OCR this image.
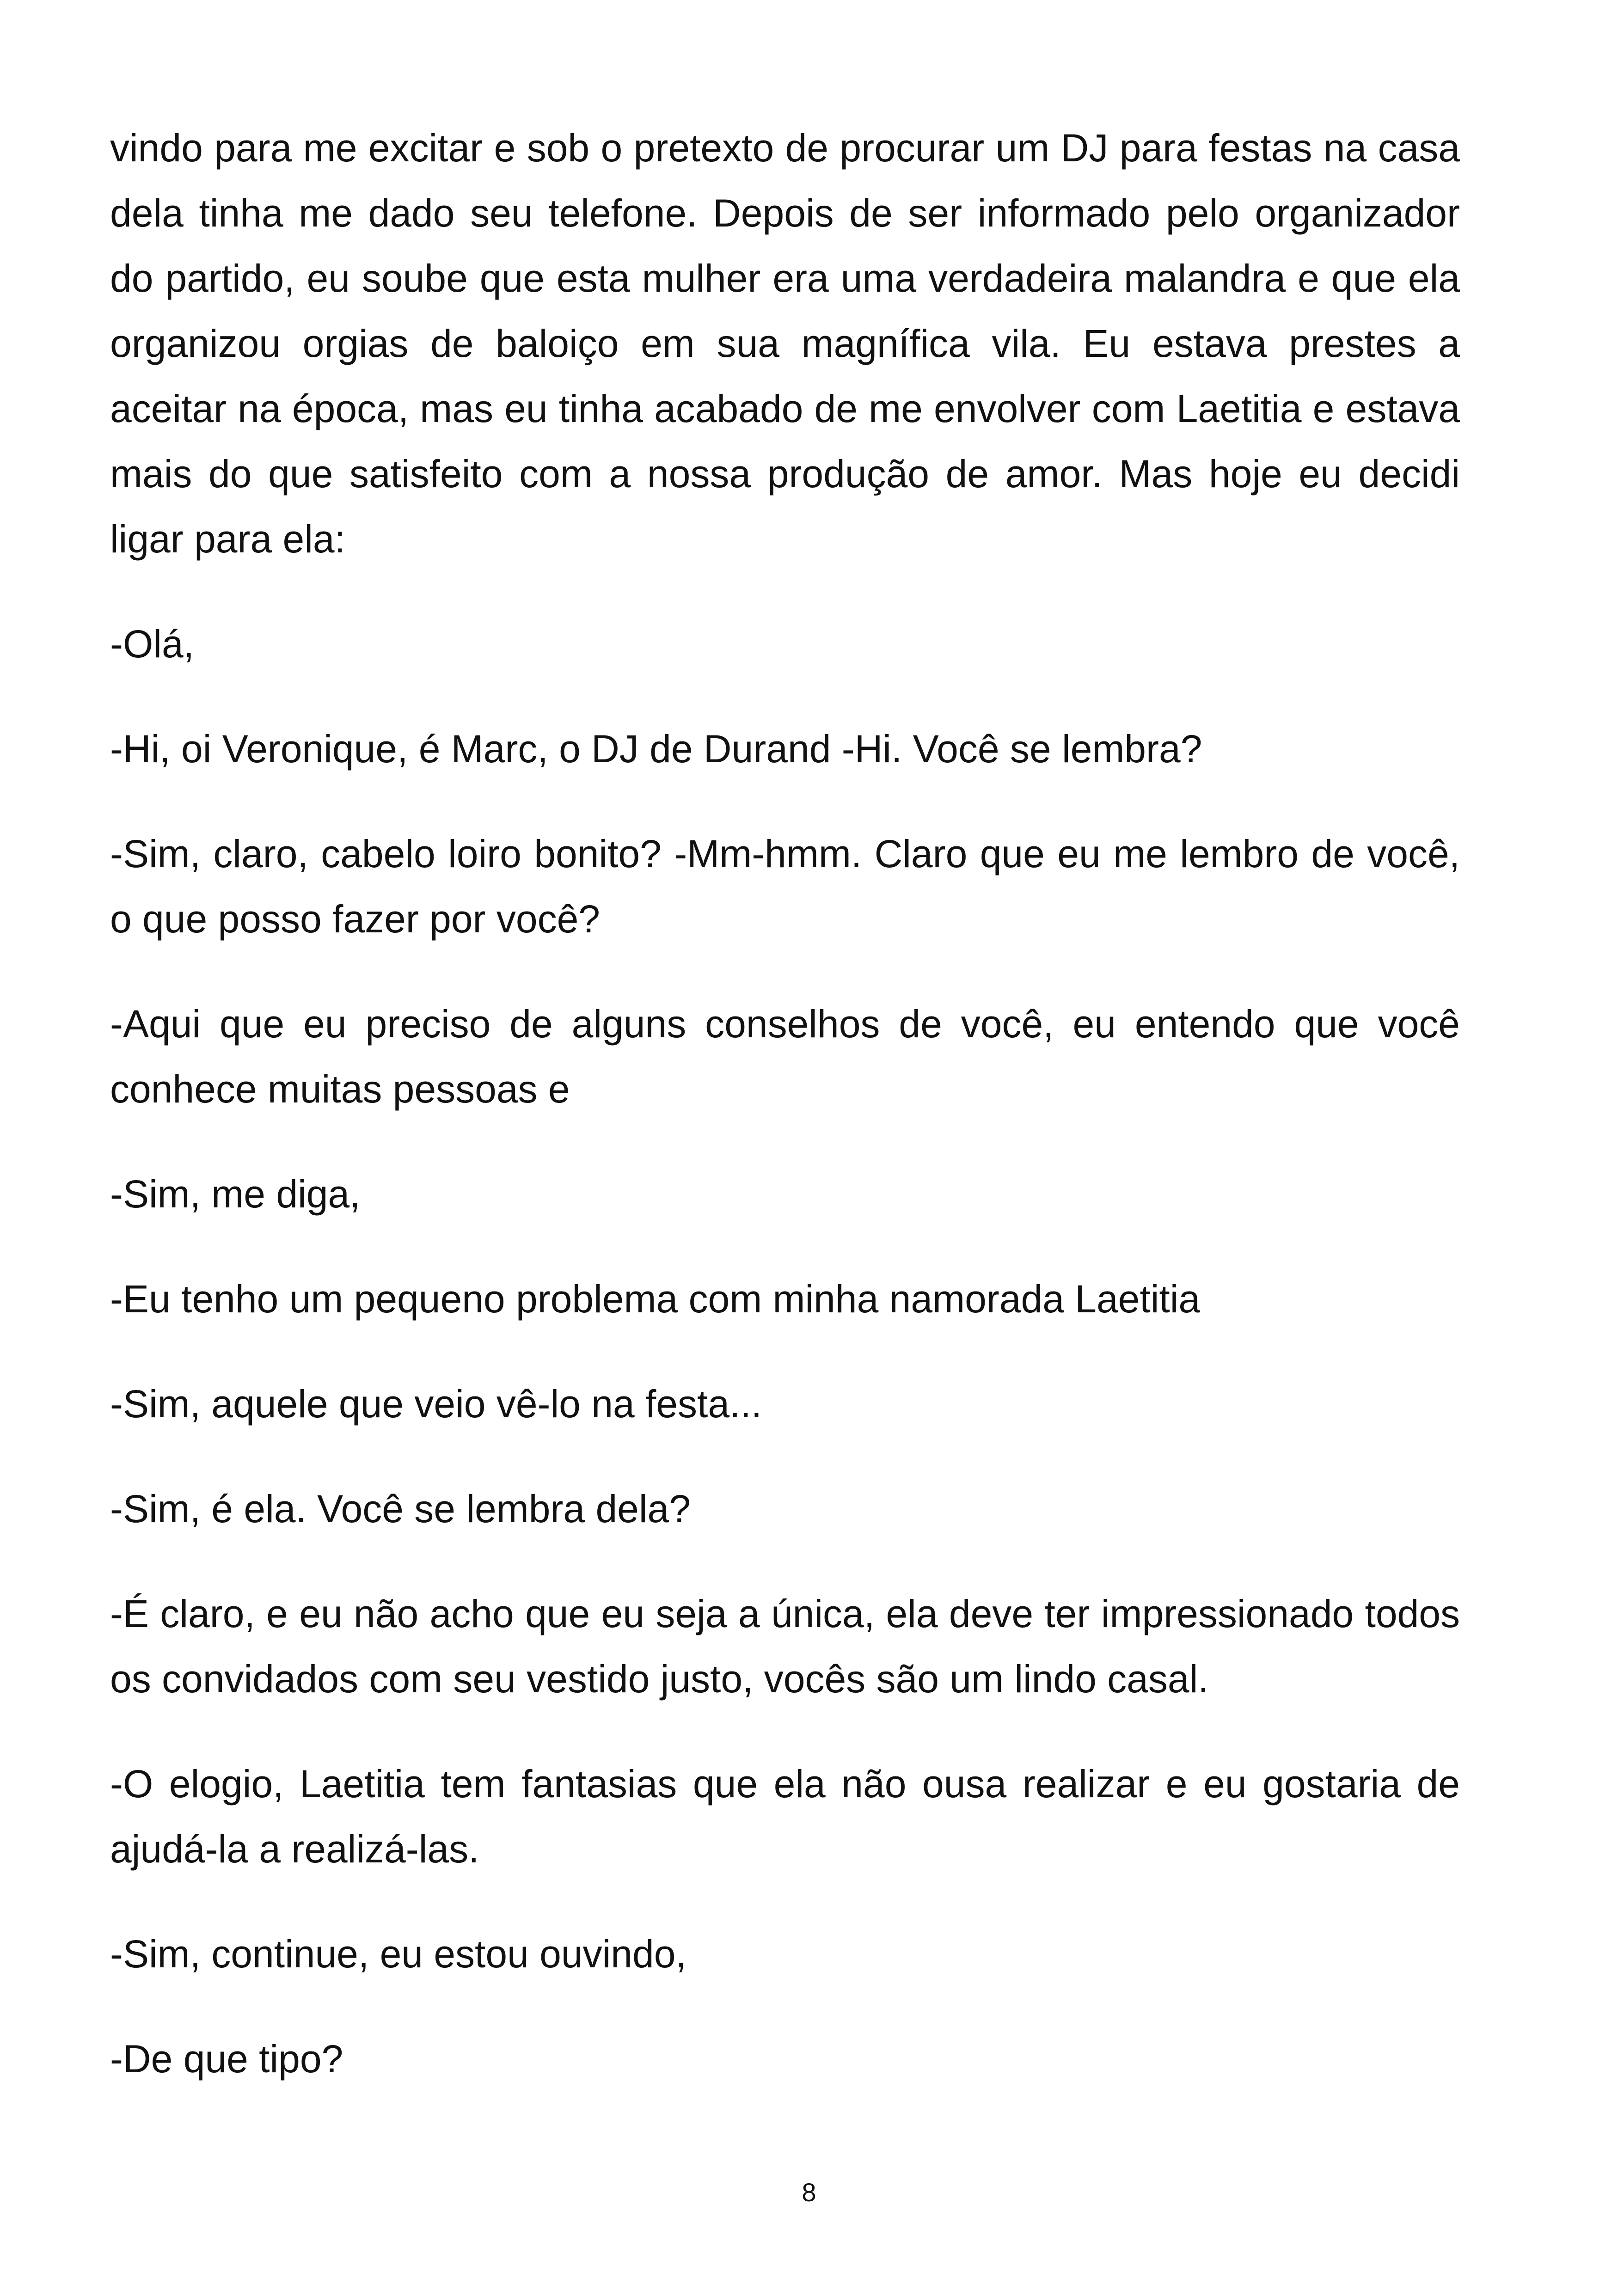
vindo para me excitar e sob o pretexto de procurar um DJ para festas na casa dela tinha me dado seu telefone. Depois de ser informado pelo organizador do partido, eu soube que esta mulher era uma verdadeira malandra e que ela organizou orgias de baloiço em sua magnífica vila. Eu estava prestes a aceitar na época, mas eu tinha acabado de me envolver com Laetitia e estava mais do que satisfeito com a nossa produção de amor. Mas hoje eu decidi ligar para ela:

-Olá,

-Hi, oi Veronique, é Marc, o DJ de Durand -Hi. Você se lembra?

-Sim, claro, cabelo loiro bonito? -Mm-hmm. Claro que eu me lembro de você, o que posso fazer por você?

-Aqui que eu preciso de alguns conselhos de você, eu entendo que você conhece muitas pessoas e

-Sim, me diga,

-Eu tenho um pequeno problema com minha namorada Laetitia

-Sim, aquele que veio vê-lo na festa...

-Sim, é ela. Você se lembra dela?

-É claro, e eu não acho que eu seja a única, ela deve ter impressionado todos os convidados com seu vestido justo, vocês são um lindo casal.

-O elogio, Laetitia tem fantasias que ela não ousa realizar e eu gostaria de ajudá-la a realizá-las.

-Sim, continue, eu estou ouvindo,

-De que tipo?

8
